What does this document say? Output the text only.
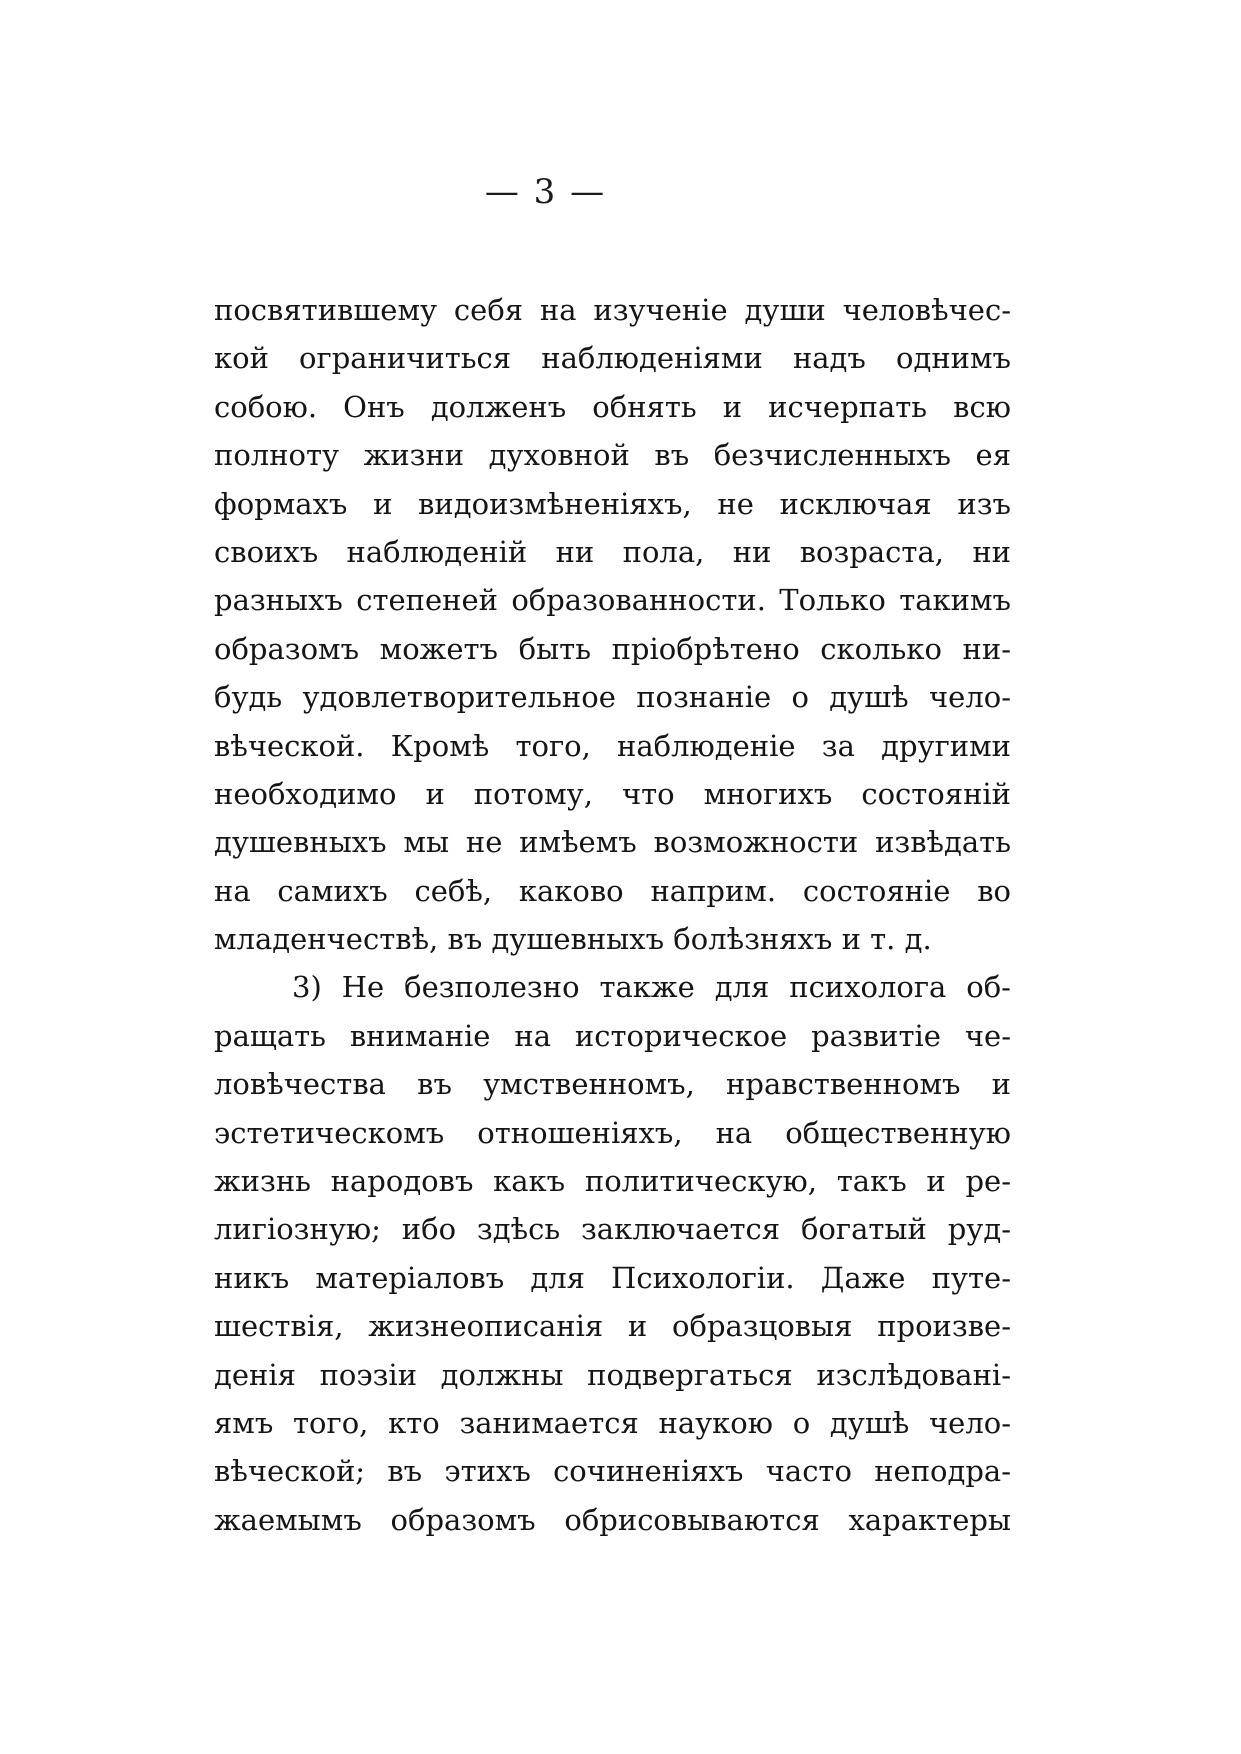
— 3 —
посвятившему себя на изученіе души человѣчес-
кой ограничиться наблюденіями надъ однимъ
собою. Онъ долженъ обнять и исчерпать всю
полноту жизни духовной въ безчисленныхъ ея
формахъ и видоизмѣненіяхъ, не исключая изъ
своихъ наблюденій ни пола, ни возраста, ни
разныхъ степеней образованности. Только такимъ
образомъ можетъ быть пріобрѣтено сколько ни-
будь удовлетворительное познаніе о душѣ чело-
вѣческой. Кромѣ того, наблюденіе за другими
необходимо и потому, что многихъ состояній
душевныхъ мы не имѣемъ возможности извѣдать
на самихъ себѣ, каково наприм. состояніе во
младенчествѣ, въ душевныхъ болѣзняхъ и т. д.
3) Не безполезно также для психолога об-
ращать вниманіе на историческое развитіе че-
ловѣчества въ умственномъ, нравственномъ и
эстетическомъ отношеніяхъ, на общественную
жизнь народовъ какъ политическую, такъ и ре-
лигіозную; ибо здѣсь заключается богатый руд-
никъ матеріаловъ для Психологіи. Даже путе-
шествія, жизнеописанія и образцовыя произве-
денія поэзіи должны подвергаться изслѣдовані-
ямъ того, кто занимается наукою о душѣ чело-
вѣческой; въ этихъ сочиненіяхъ часто неподра-
жаемымъ образомъ обрисовываются характеры
